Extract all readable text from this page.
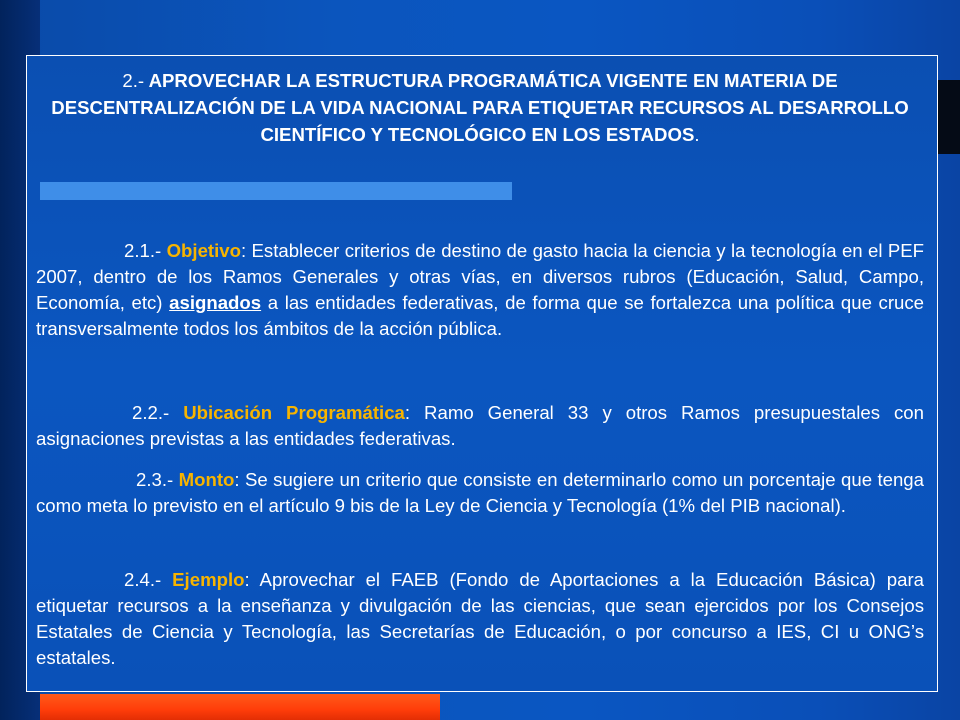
2.- APROVECHAR LA ESTRUCTURA PROGRAMÁTICA VIGENTE EN MATERIA DE DESCENTRALIZACIÓN DE LA VIDA NACIONAL PARA ETIQUETAR RECURSOS AL DESARROLLO CIENTÍFICO Y TECNOLÓGICO EN LOS ESTADOS.

2.1.- Objetivo: Establecer criterios de destino de gasto hacia la ciencia y la tecnología en el PEF 2007, dentro de los Ramos Generales y otras vías, en diversos rubros (Educación, Salud, Campo, Economía, etc) asignados a las entidades federativas, de forma que se fortalezca una política que cruce transversalmente todos los ámbitos de la acción pública.

2.2.- Ubicación Programática: Ramo General 33 y otros Ramos presupuestales con asignaciones previstas a las entidades federativas.

2.3.- Monto: Se sugiere un criterio que consiste en determinarlo como un porcentaje que tenga como meta lo previsto en el artículo 9 bis de la Ley de Ciencia y Tecnología (1% del PIB nacional).

2.4.- Ejemplo: Aprovechar el FAEB (Fondo de Aportaciones a la Educación Básica) para etiquetar recursos a la enseñanza y divulgación de las ciencias, que sean ejercidos por los Consejos Estatales de Ciencia y Tecnología, las Secretarías de Educación, o por concurso a IES, CI u ONG’s estatales.
